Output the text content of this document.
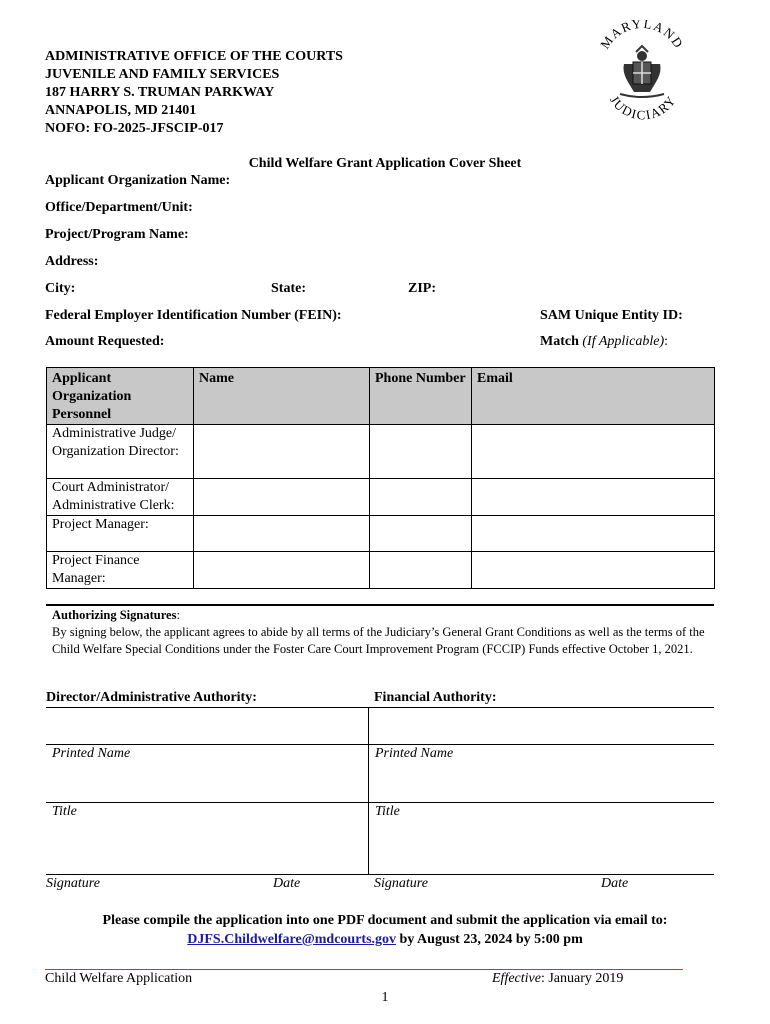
ADMINISTRATIVE OFFICE OF THE COURTS
JUVENILE AND FAMILY SERVICES
187 HARRY S. TRUMAN PARKWAY
ANNAPOLIS, MD 21401
NOFO: FO-2025-JFSCIP-017
MARYLAND
JUDICIARY
Child Welfare Grant Application Cover Sheet
Applicant Organization Name:
Office/Department/Unit:
Project/Program Name:
Address:
City:	State:	ZIP:
Federal Employer Identification Number (FEIN):	SAM Unique Entity ID:
Amount Requested:	Match (If Applicable):
Applicant Organization Personnel	Name	Phone Number	Email
Administrative Judge/ Organization Director:			
Court Administrator/ Administrative Clerk:			
Project Manager:			
Project Finance Manager:			
Authorizing Signatures:
By signing below, the applicant agrees to abide by all terms of the Judiciary’s General Grant Conditions as well as the terms of the Child Welfare Special Conditions under the Foster Care Court Improvement Program (FCCIP) Funds effective October 1, 2021.
Director/Administrative Authority:	Financial Authority:
Printed Name	Printed Name
Title	Title
Signature	Date	Signature	Date
Please compile the application into one PDF document and submit the application via email to:
DJFS.Childwelfare@mdcourts.gov by August 23, 2024 by 5:00 pm
Child Welfare Application	Effective: January 2019
1
